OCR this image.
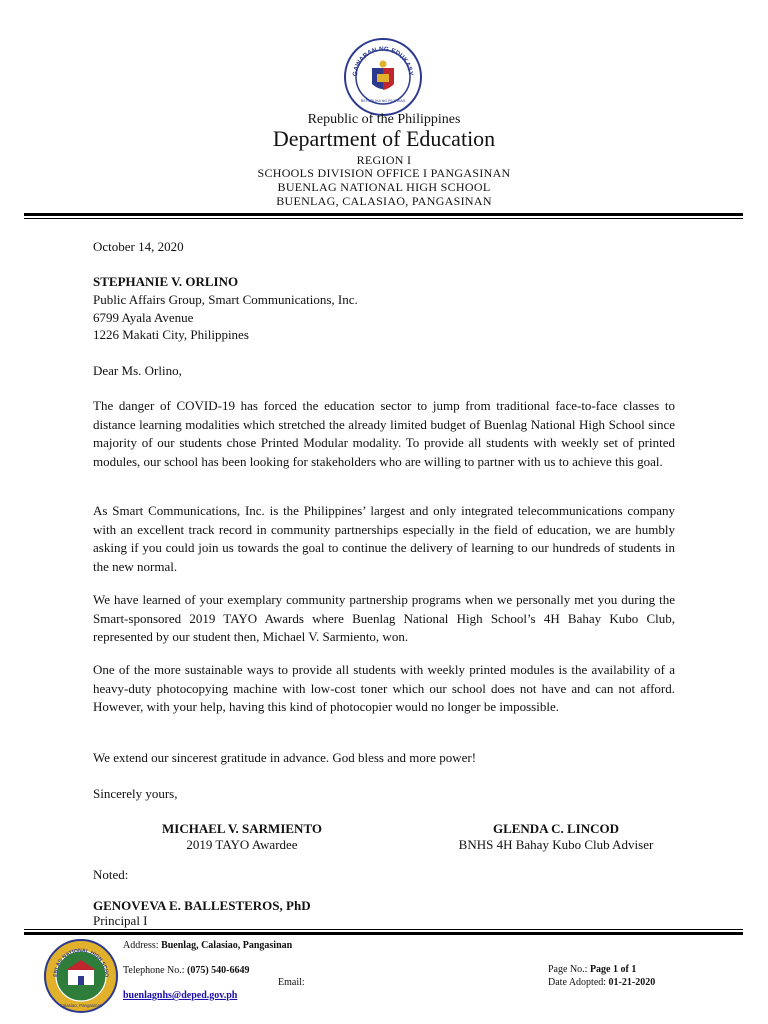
GAWARAN NG EDUKASY
REPUBLIKA NG PILIPINAS
Republic of the Philippines
Department of Education
REGION I
SCHOOLS DIVISION OFFICE I PANGASINAN
BUENLAG NATIONAL HIGH SCHOOL
BUENLAG, CALASIAO, PANGASINAN
October 14, 2020
STEPHANIE V. ORLINO
Public Affairs Group, Smart Communications, Inc.
6799 Ayala Avenue
1226 Makati City, Philippines
Dear Ms. Orlino,
The danger of COVID-19 has forced the education sector to jump from traditional face-to-face classes to distance learning modalities which stretched the already limited budget of Buenlag National High School since majority of our students chose Printed Modular modality. To provide all students with weekly set of printed modules, our school has been looking for stakeholders who are willing to partner with us to achieve this goal.
As Smart Communications, Inc. is the Philippines’ largest and only integrated telecommunications company with an excellent track record in community partnerships especially in the field of education, we are humbly asking if you could join us towards the goal to continue the delivery of learning to our hundreds of students in the new normal.
We have learned of your exemplary community partnership programs when we personally met you during the Smart-sponsored 2019 TAYO Awards where Buenlag National High School’s 4H Bahay Kubo Club, represented by our student then, Michael V. Sarmiento, won.
One of the more sustainable ways to provide all students with weekly printed modules is the availability of a heavy-duty photocopying machine with low-cost toner which our school does not have and can not afford. However, with your help, having this kind of photocopier would no longer be impossible.
We extend our sincerest gratitude in advance. God bless and more power!
Sincerely yours,
MICHAEL V. SARMIENTO
2019 TAYO Awardee
GLENDA C. LINCOD
BNHS 4H Bahay Kubo Club Adviser
Noted:
GENOVEVA E. BALLESTEROS, PhD
Principal I
ENLAG NATIONAL HIGH SCHO
Calasiao, Pangasinan
Address: Buenlag, Calasiao, Pangasinan
Telephone No.: (075) 540-6649
Email:
buenlagnhs@deped.gov.ph
Page No.: Page 1 of 1
Date Adopted: 01-21-2020
